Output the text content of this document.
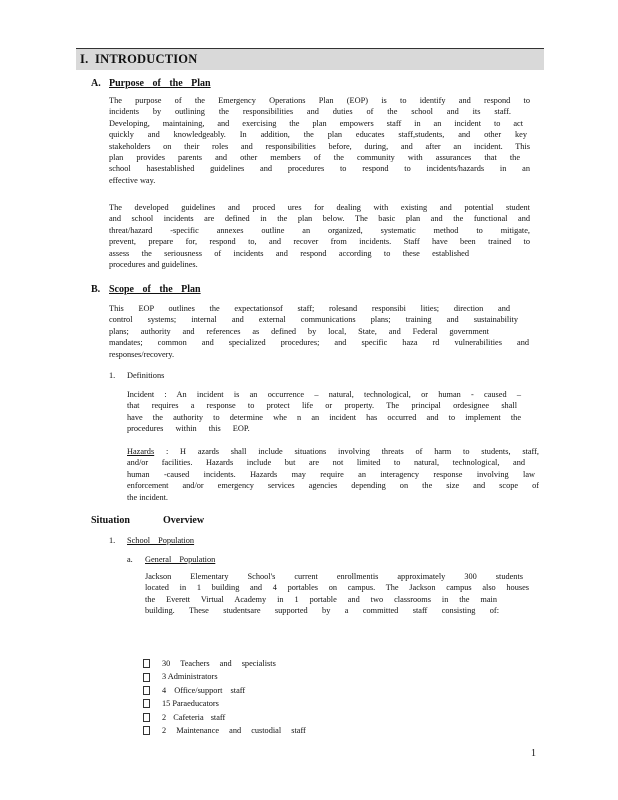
I. INTRODUCTION
A. Purpose of the Plan
The purpose of the Emergency Operations Plan (EOP) is to identify and respond to
incidents by outlining the responsibilities and duties of the school and its staff.
Developing, maintaining, and exercising the plan empowers staff in an incident to act
quickly and knowledgeably. In addition, the plan educates staff,students, and other key
stakeholders on their roles and responsibilities before, during, and after an incident. This
plan provides parents and other members of the community with assurances that the
school hasestablished guidelines and procedures to respond to incidents/hazards in an
effective way.
The developed guidelines and proced ures for dealing with existing and potential student
and school incidents are defined in the plan below. The basic plan and the functional and
threat/hazard -specific annexes outline an organized, systematic method to mitigate,
prevent, prepare for, respond to, and recover from incidents. Staff have been trained to
assess the seriousness of incidents and respond according to these established
procedures and guidelines.
B. Scope of the Plan
This EOP outlines the expectationsof staff; rolesand responsibi lities; direction and
control systems; internal and external communications plans; training and sustainability
plans; authority and references as defined by local, State, and Federal government
mandates; common and specialized procedures; and specific haza rd vulnerabilities and
responses/recovery.
1. Definitions
Incident : An incident is an occurrence – natural, technological, or human - caused –
that requires a response to protect life or property. The principal ordesignee shall
have the authority to determine whe n an incident has occurred and to implement the
procedures within this EOP.
Hazards : H azards shall include situations involving threats of harm to students, staff,
and/or facilities. Hazards include but are not limited to natural, technological, and
human -caused incidents. Hazards may require an interagency response involving law
enforcement and/or emergency services agencies depending on the size and scope of
the incident.
Situation	Overview
1. School Population
a. General Population
Jackson Elementary School's current enrollmentis approximately 300 students
located in 1 building and 4 portables on campus. The Jackson campus also houses
the Everett Virtual Academy in 1 portable and two classrooms in the main
building. These studentsare supported by a committed staff consisting of:
30 Teachers and specialists
3 Administrators
4 Office/support staff
15 Paraeducators
2 Cafeteria staff
2 Maintenance and custodial staff
1
